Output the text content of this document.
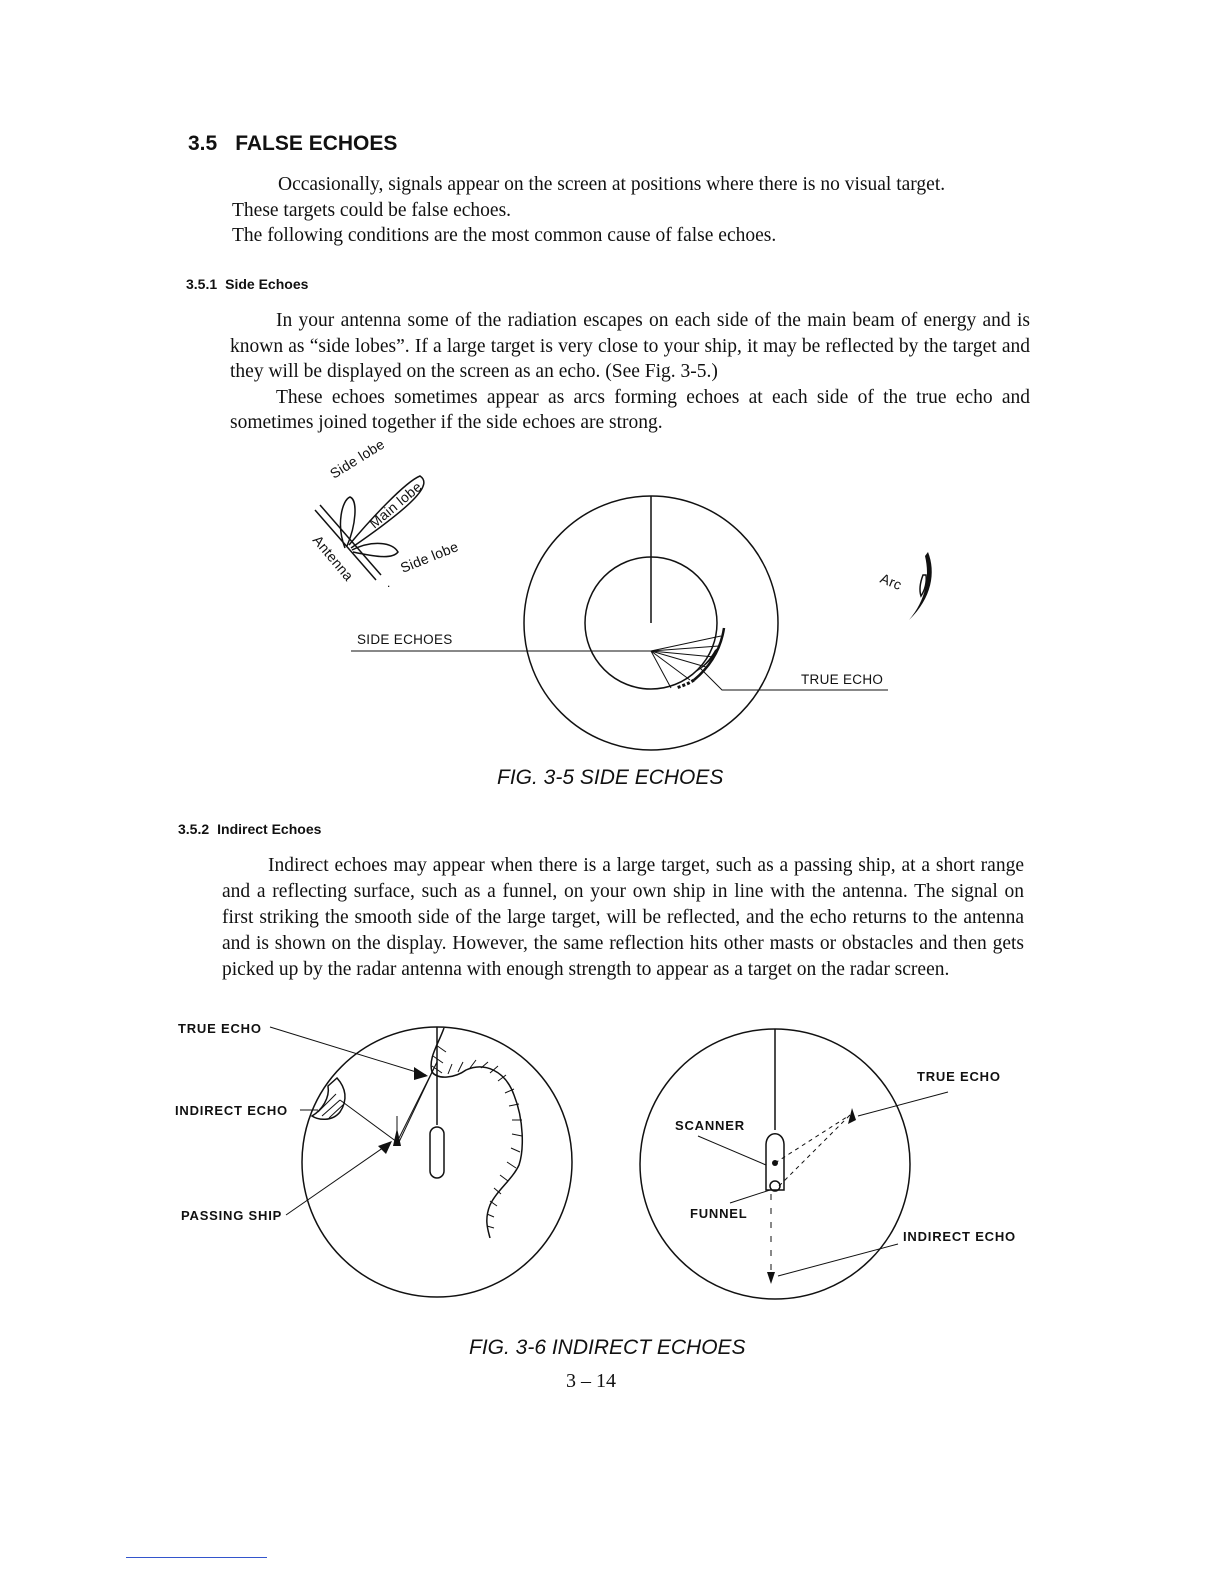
3.5 FALSE ECHOES

Occasionally, signals appear on the screen at positions where there is no visual target.

These targets could be false echoes.

The following conditions are the most common cause of false echoes.

3.5.1 Side Echoes

In your antenna some of the radiation escapes on each side of the main beam of energy and is known as “side lobes”. If a large target is very close to your ship, it may be reflected by the target and they will be displayed on the screen as an echo. (See Fig. 3-5.)

These echoes sometimes appear as arcs forming echoes at each side of the true echo and sometimes joined together if the side echoes are strong.

.
Side lobe
Main lobe
Side lobe
Antenna
SIDE ECHOES
TRUE ECHO
Arc
FIG. 3-5 SIDE ECHOES
3.5.2 Indirect Echoes

Indirect echoes may appear when there is a large target, such as a passing ship, at a short range and a reflecting surface, such as a funnel, on your own ship in line with the antenna. The signal on first striking the smooth side of the large target, will be reflected, and the echo returns to the antenna and is shown on the display. However, the same reflection hits other masts or obstacles and then gets picked up by the radar antenna with enough strength to appear as a target on the radar screen.

TRUE ECHO
INDIRECT ECHO
PASSING SHIP
TRUE ECHO
SCANNER
FUNNEL
INDIRECT ECHO
FIG. 3-6 INDIRECT ECHOES
3 – 14
